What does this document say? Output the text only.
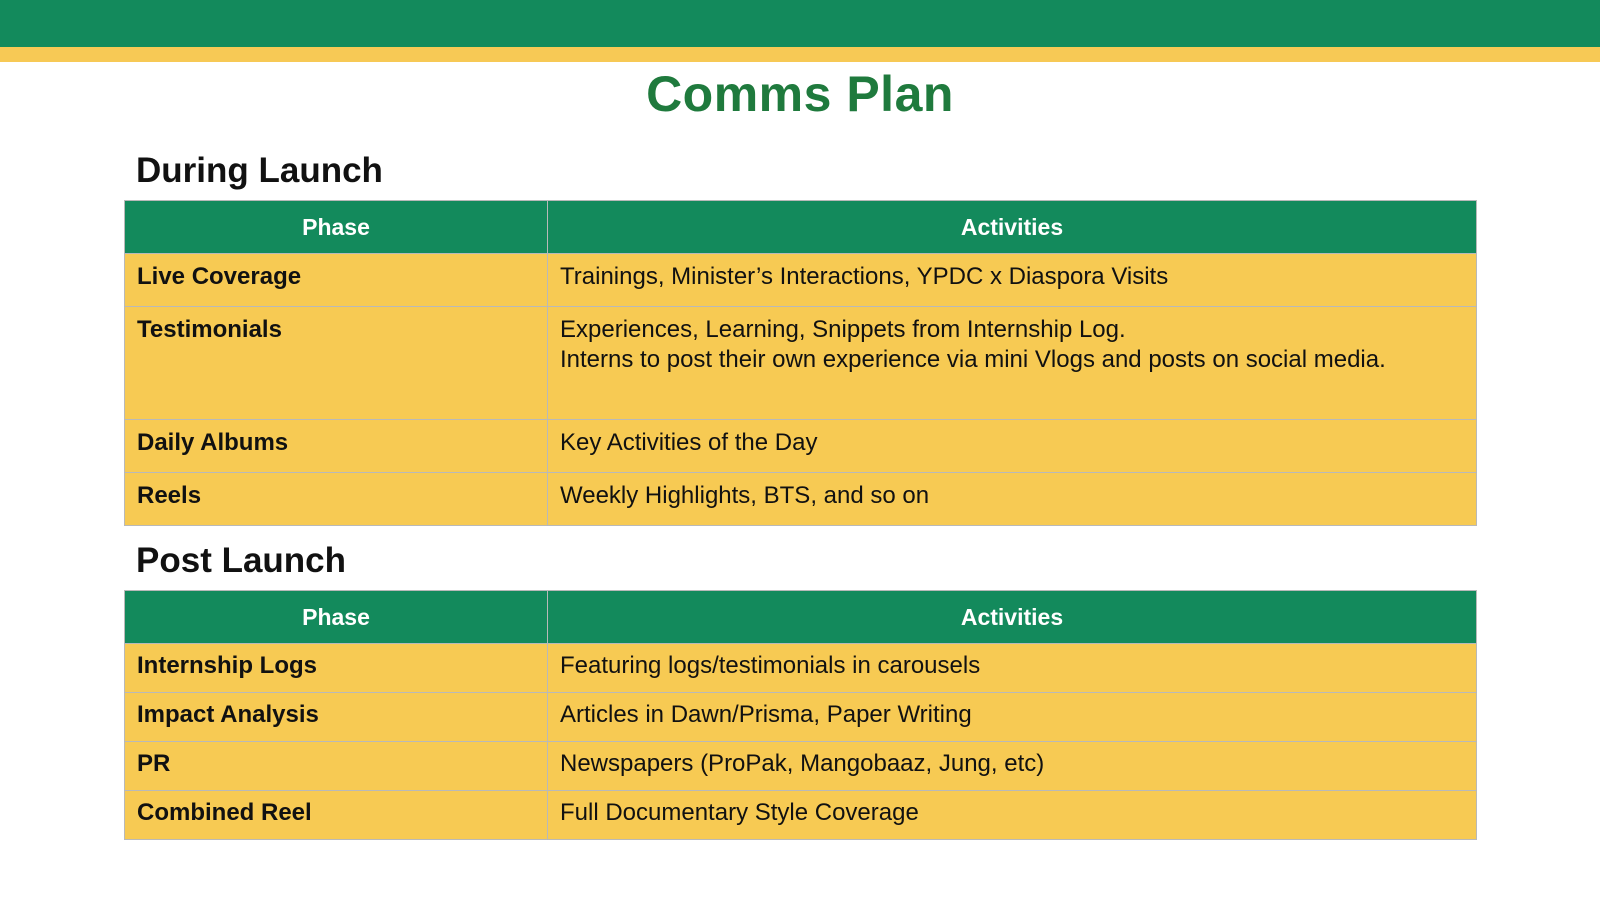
Comms Plan
During Launch
Phase	Activities
Live Coverage	Trainings, Minister’s Interactions, YPDC x Diaspora Visits

Testimonials	Experiences, Learning, Snippets from Internship Log.
Interns to post their own experience via mini Vlogs and posts on social media.

Daily Albums	Key Activities of the Day

Reels	Weekly Highlights, BTS, and so on
Post Launch
Phase	Activities
Internship Logs	Featuring logs/testimonials in carousels
Impact Analysis	Articles in Dawn/Prisma, Paper Writing
PR	Newspapers (ProPak, Mangobaaz, Jung, etc)
Combined Reel	Full Documentary Style Coverage
